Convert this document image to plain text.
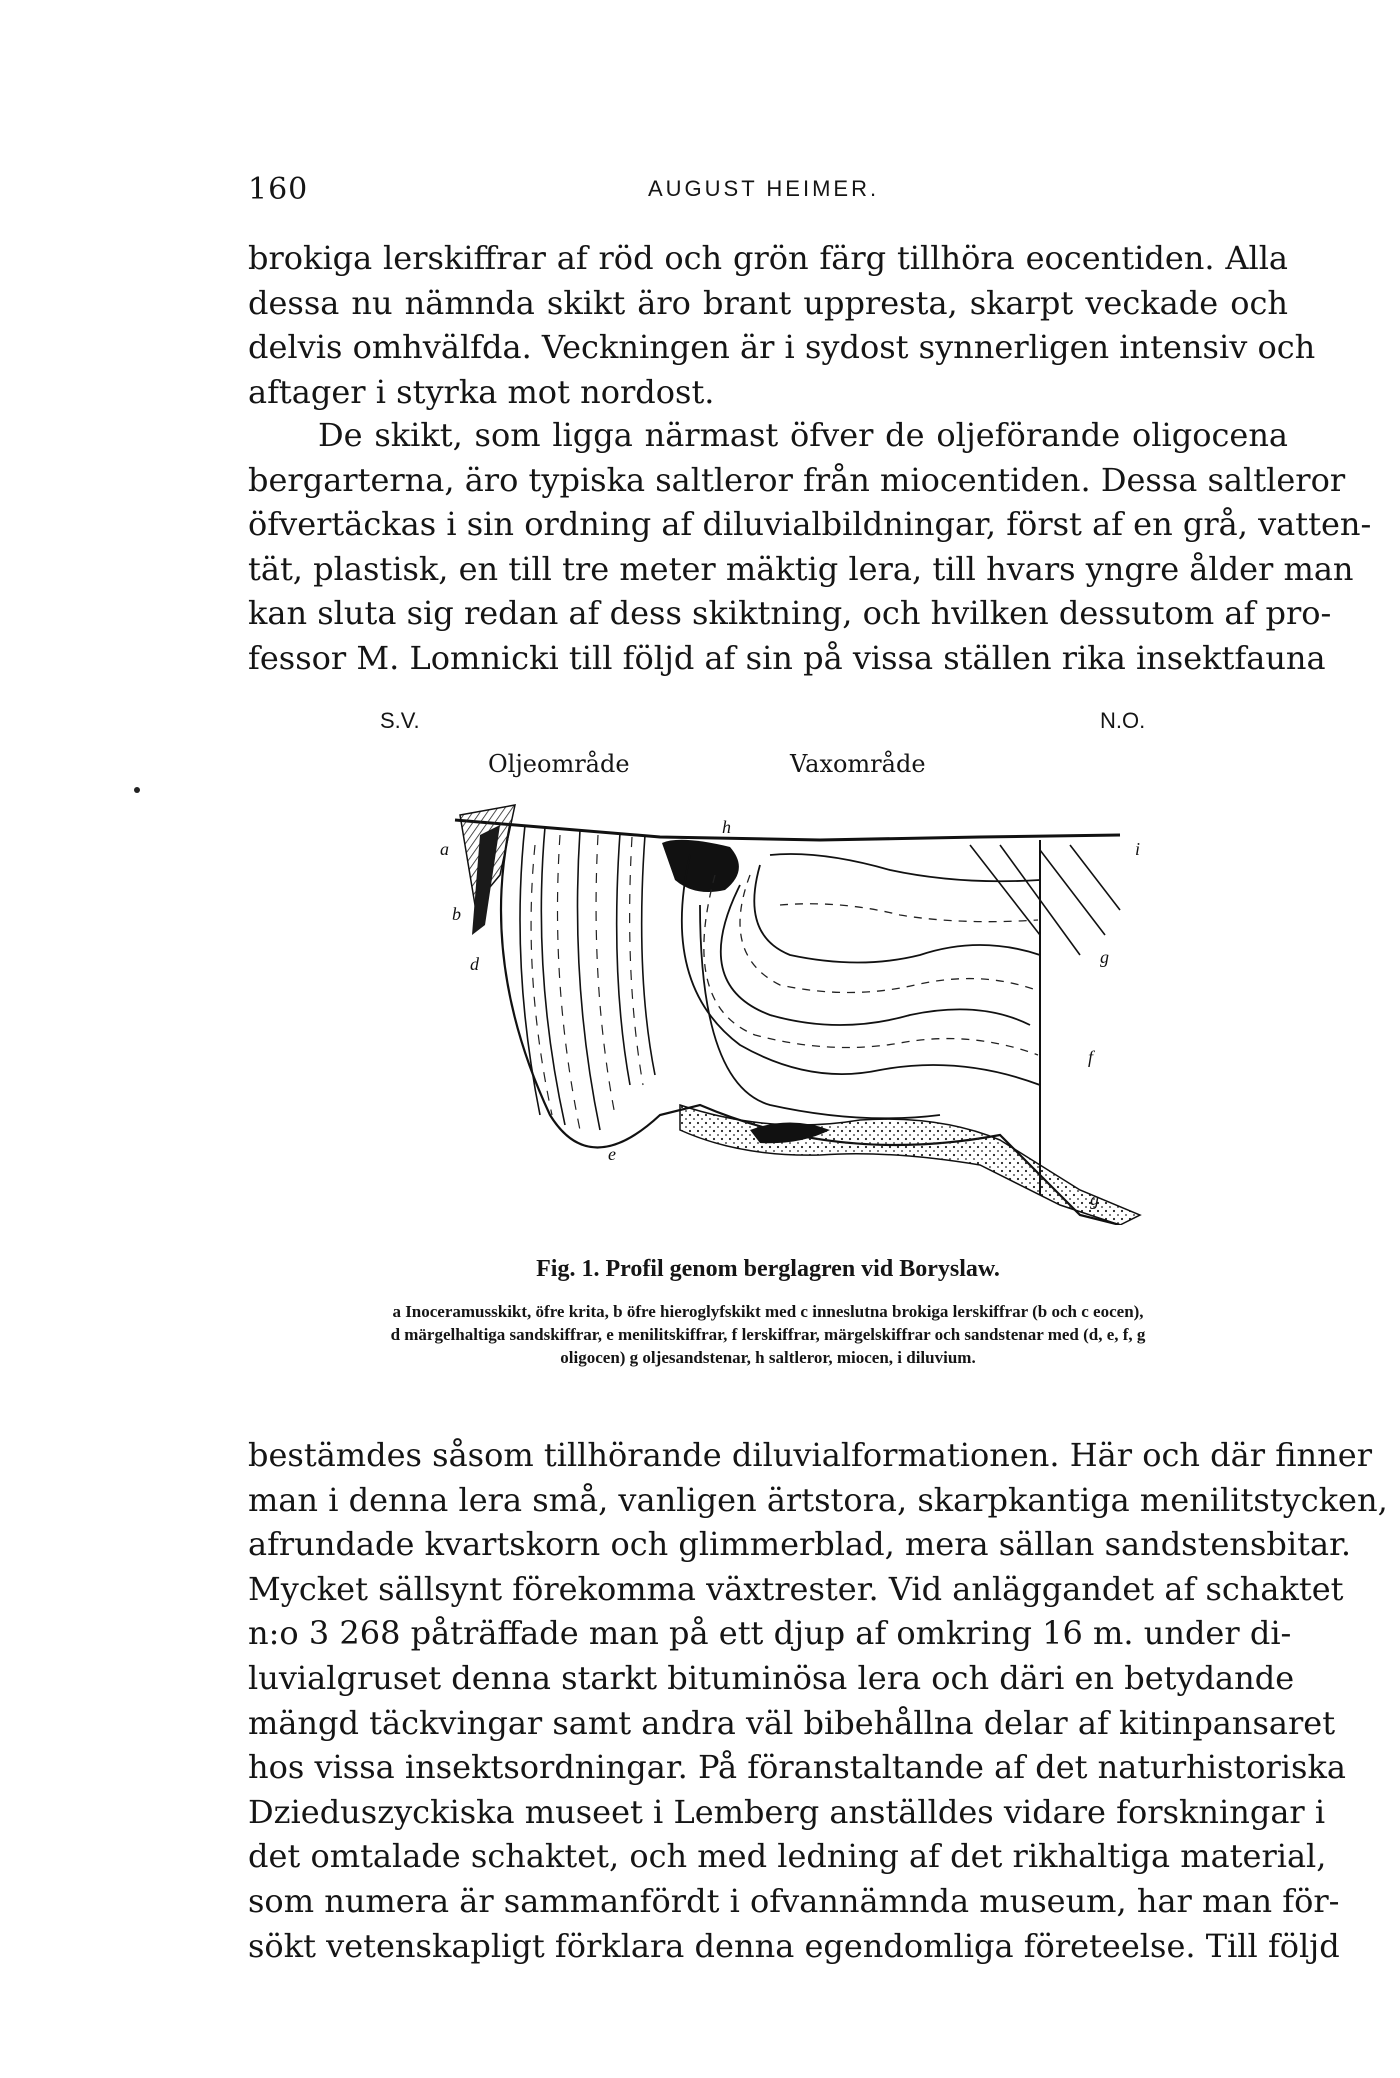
160	AUGUST HEIMER.
brokiga lerskiffrar af röd och grön färg tillhöra eocentiden. Alla
dessa nu nämnda skikt äro brant uppresta, skarpt veckade och
delvis omhvälfda. Veckningen är i sydost synnerligen intensiv och
aftager i styrka mot nordost.
De skikt, som ligga närmast öfver de oljeförande oligocena
bergarterna, äro typiska saltleror från miocentiden. Dessa saltleror
öfvertäckas i sin ordning af diluvialbildningar, först af en grå, vatten-
tät, plastisk, en till tre meter mäktig lera, till hvars yngre ålder man
kan sluta sig redan af dess skiktning, och hvilken dessutom af pro-
fessor M. Lomnicki till följd af sin på vissa ställen rika insektfauna
S.V.	N.O.
Oljeområde	Vaxområde
a
b
d
e
f
g
h
i
g
Fig. 1. Profil genom berglagren vid Boryslaw.
a Inoceramusskikt, öfre krita, b öfre hieroglyfskikt med c inneslutna brokiga lerskiffrar (b och c eocen),
d märgelhaltiga sandskiffrar, e menilitskiffrar, f lerskiffrar, märgelskiffrar och sandstenar med (d, e, f, g
oligocen) g oljesandstenar, h saltleror, miocen, i diluvium.
bestämdes såsom tillhörande diluvialformationen. Här och där finner
man i denna lera små, vanligen ärtstora, skarpkantiga menilitstycken,
afrundade kvartskorn och glimmerblad, mera sällan sandstensbitar.
Mycket sällsynt förekomma växtrester. Vid anläggandet af schaktet
n:o 3 268 påträffade man på ett djup af omkring 16 m. under di-
luvialgruset denna starkt bituminösa lera och däri en betydande
mängd täckvingar samt andra väl bibehållna delar af kitinpansaret
hos vissa insektsordningar. På föranstaltande af det naturhistoriska
Dzieduszyckiska museet i Lemberg anställdes vidare forskningar i
det omtalade schaktet, och med ledning af det rikhaltiga material,
som numera är sammanfördt i ofvannämnda museum, har man för-
sökt vetenskapligt förklara denna egendomliga företeelse. Till följd
